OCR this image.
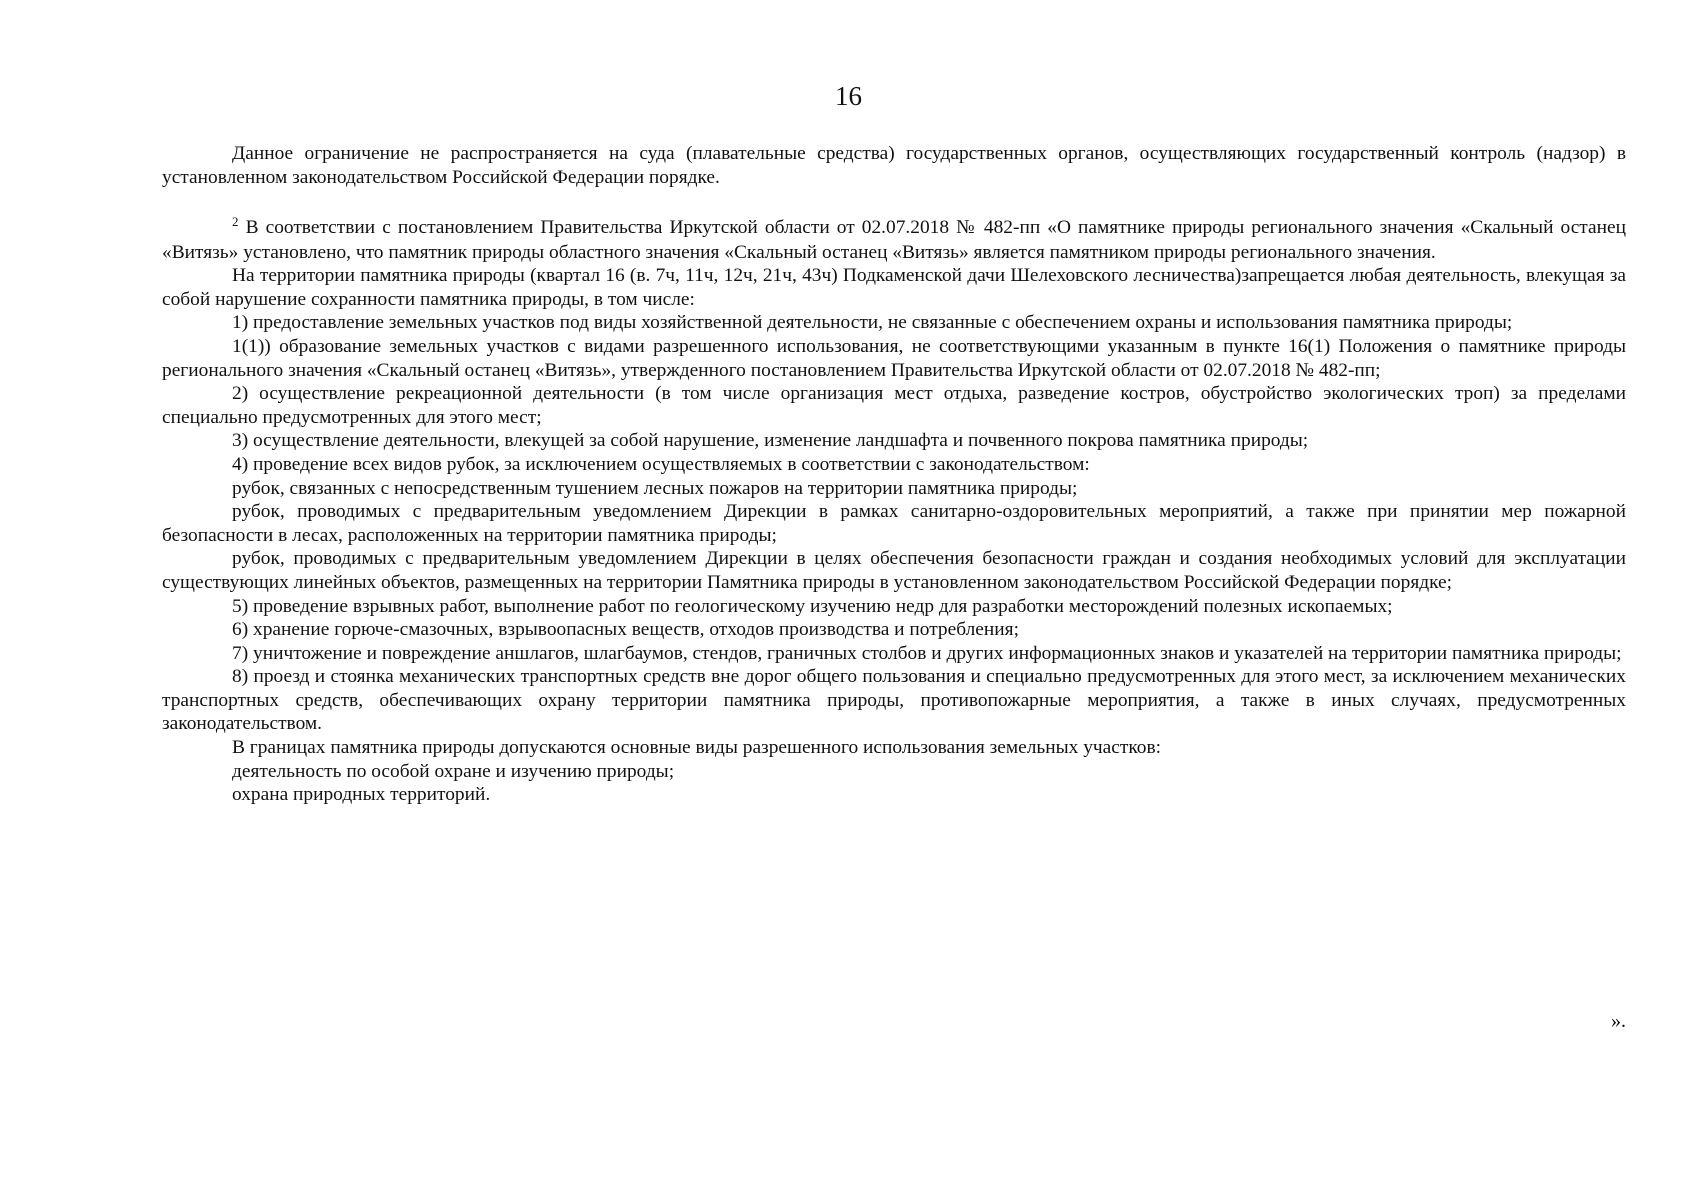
16

Данное ограничение не распространяется на суда (плавательные средства) государственных органов, осуществляющих государственный контроль (надзор) в установленном законодательством Российской Федерации порядке.

$^2$ В соответствии с постановлением Правительства Иркутской области от 02.07.2018 № 482-пп «О памятнике природы регионального значения «Скальный останец «Витязь» установлено, что памятник природы областного значения «Скальный останец «Витязь» является памятником природы регионального значения.

На территории памятника природы (квартал 16 (в. 7ч, 11ч, 12ч, 21ч, 43ч) Подкаменской дачи Шелеховского лесничества)запрещается любая деятельность, влекущая за собой нарушение сохранности памятника природы, в том числе:

1) предоставление земельных участков под виды хозяйственной деятельности, не связанные с обеспечением охраны и использования памятника природы;

1(1)) образование земельных участков с видами разрешенного использования, не соответствующими указанным в пункте 16(1) Положения о памятнике природы регионального значения «Скальный останец «Витязь», утвержденного постановлением Правительства Иркутской области от 02.07.2018 № 482-пп;

2) осуществление рекреационной деятельности (в том числе организация мест отдыха, разведение костров, обустройство экологических троп) за пределами специально предусмотренных для этого мест;

3) осуществление деятельности, влекущей за собой нарушение, изменение ландшафта и почвенного покрова памятника природы;

4) проведение всех видов рубок, за исключением осуществляемых в соответствии с законодательством:

рубок, связанных с непосредственным тушением лесных пожаров на территории памятника природы;

рубок, проводимых с предварительным уведомлением Дирекции в рамках санитарно-оздоровительных мероприятий, а также при принятии мер пожарной безопасности в лесах, расположенных на территории памятника природы;

рубок, проводимых с предварительным уведомлением Дирекции в целях обеспечения безопасности граждан и создания необходимых условий для эксплуатации существующих линейных объектов, размещенных на территории Памятника природы в установленном законодательством Российской Федерации порядке;

5) проведение взрывных работ, выполнение работ по геологическому изучению недр для разработки месторождений полезных ископаемых;

6) хранение горюче-смазочных, взрывоопасных веществ, отходов производства и потребления;

7) уничтожение и повреждение аншлагов, шлагбаумов, стендов, граничных столбов и других информационных знаков и указателей на территории памятника природы;

8) проезд и стоянка механических транспортных средств вне дорог общего пользования и специально предусмотренных для этого мест, за исключением механических транспортных средств, обеспечивающих охрану территории памятника природы, противопожарные мероприятия, а также в иных случаях, предусмотренных законодательством.

В границах памятника природы допускаются основные виды разрешенного использования земельных участков:

деятельность по особой охране и изучению природы;

охрана природных территорий.

».
